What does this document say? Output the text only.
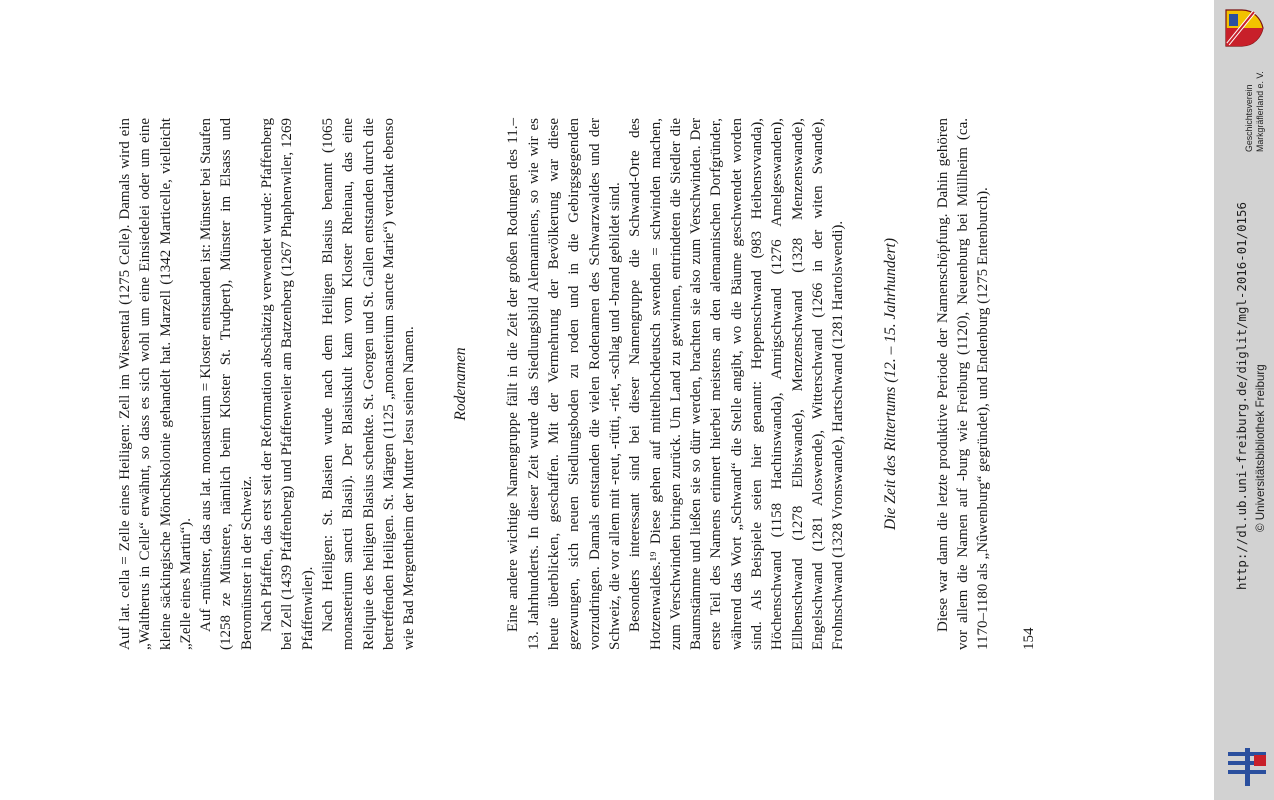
Auf lat. cella = Zelle eines Heiligen: Zell im Wiesental (1275 Celle). Damals wird ein „Waltherus in Celle“ erwähnt, so dass es sich wohl um eine Einsiedelei oder um eine kleine säckingische Mönchskolonie gehandelt hat. Marzell (1342 Marticelle, vielleicht „Zelle eines Martin“). Auf -münster, das aus lat. monasterium = Kloster entstanden ist: Münster bei Staufen (1258 ze Münstere, nämlich beim Kloster St. Trudpert), Münster im Elsass und Beromünster in der Schweiz. Nach Pfaffen, das erst seit der Reformation abschätzig verwendet wurde: Pfaffenberg bei Zell (1439 Pfaffenberg) und Pfaffenweiler am Batzenberg (1267 Phaphenwiler, 1269 Pfaffenwiler). Nach Heiligen: St. Blasien wurde nach dem Heiligen Blasius benannt (1065 monasterium sancti Blasii). Der Blasiuskult kam vom Kloster Rheinau, das eine Reliquie des heiligen Blasius schenkte. St. Georgen und St. Gallen entstanden durch die betreffenden Heiligen. St. Märgen (1125 „monasterium sancte Marie“) verdankt ebenso wie Bad Mergentheim der Mutter Jesu seinen Namen. Rodenamen Eine andere wichtige Namengruppe fällt in die Zeit der großen Rodungen des 11.–13. Jahrhunderts. In dieser Zeit wurde das Siedlungsbild Alemanniens, so wie wir es heute überblicken, geschaffen. Mit der Vermehrung der Bevölkerung war diese gezwungen, sich neuen Siedlungsboden zu roden und in die Gebirgsgegenden vorzudringen. Damals entstanden die vielen Rodenamen des Schwarzwaldes und der Schweiz, die vor allem mit -reut, -rütti, -riet, -schlag und -brand gebildet sind. Besonders interessant sind bei dieser Namengruppe die Schwand-Orte des Hotzenwaldes.¹⁹ Diese gehen auf mittelhochdeutsch swenden = schwinden machen, zum Verschwinden bringen zurück. Um Land zu gewinnen, entrindeten die Siedler die Baumstämme und ließen sie so dürr werden, brachten sie also zum Verschwinden. Der erste Teil des Namens erinnert hierbei meistens an den alemannischen Dorfgründer, während das Wort „Schwand“ die Stelle angibt, wo die Bäume geschwendet worden sind. Als Beispiele seien hier genannt: Heppenschwand (983 Heibensvvanda), Höchenschwand (1158 Hachinswanda), Amrigschwand (1276 Amelgeswanden), Ellbenschwand (1278 Elbiswande), Menzenschwand (1328 Menzenswande), Engelschwand (1281 Aloswende), Witterschwand (1266 in der witen Swande), Frohnschwand (1328 Vronswande), Hartschwand (1281 Hartolswendi). Die Zeit des Rittertums (12. – 15. Jahrhundert) Diese war dann die letzte produktive Periode der Namenschöpfung. Dahin gehören vor allem die Namen auf -burg wie Freiburg (1120), Neuenburg bei Müllheim (ca. 1170–1180 als „Nûwenburg“ gegründet), und Endenburg (1275 Entenburch). 154

Geschichtsverein Markgräflerland e. V.
http://dl.ub.uni-freiburg.de/diglit/mgl-2016-01/0156 © Universitätsbibliothek Freiburg
